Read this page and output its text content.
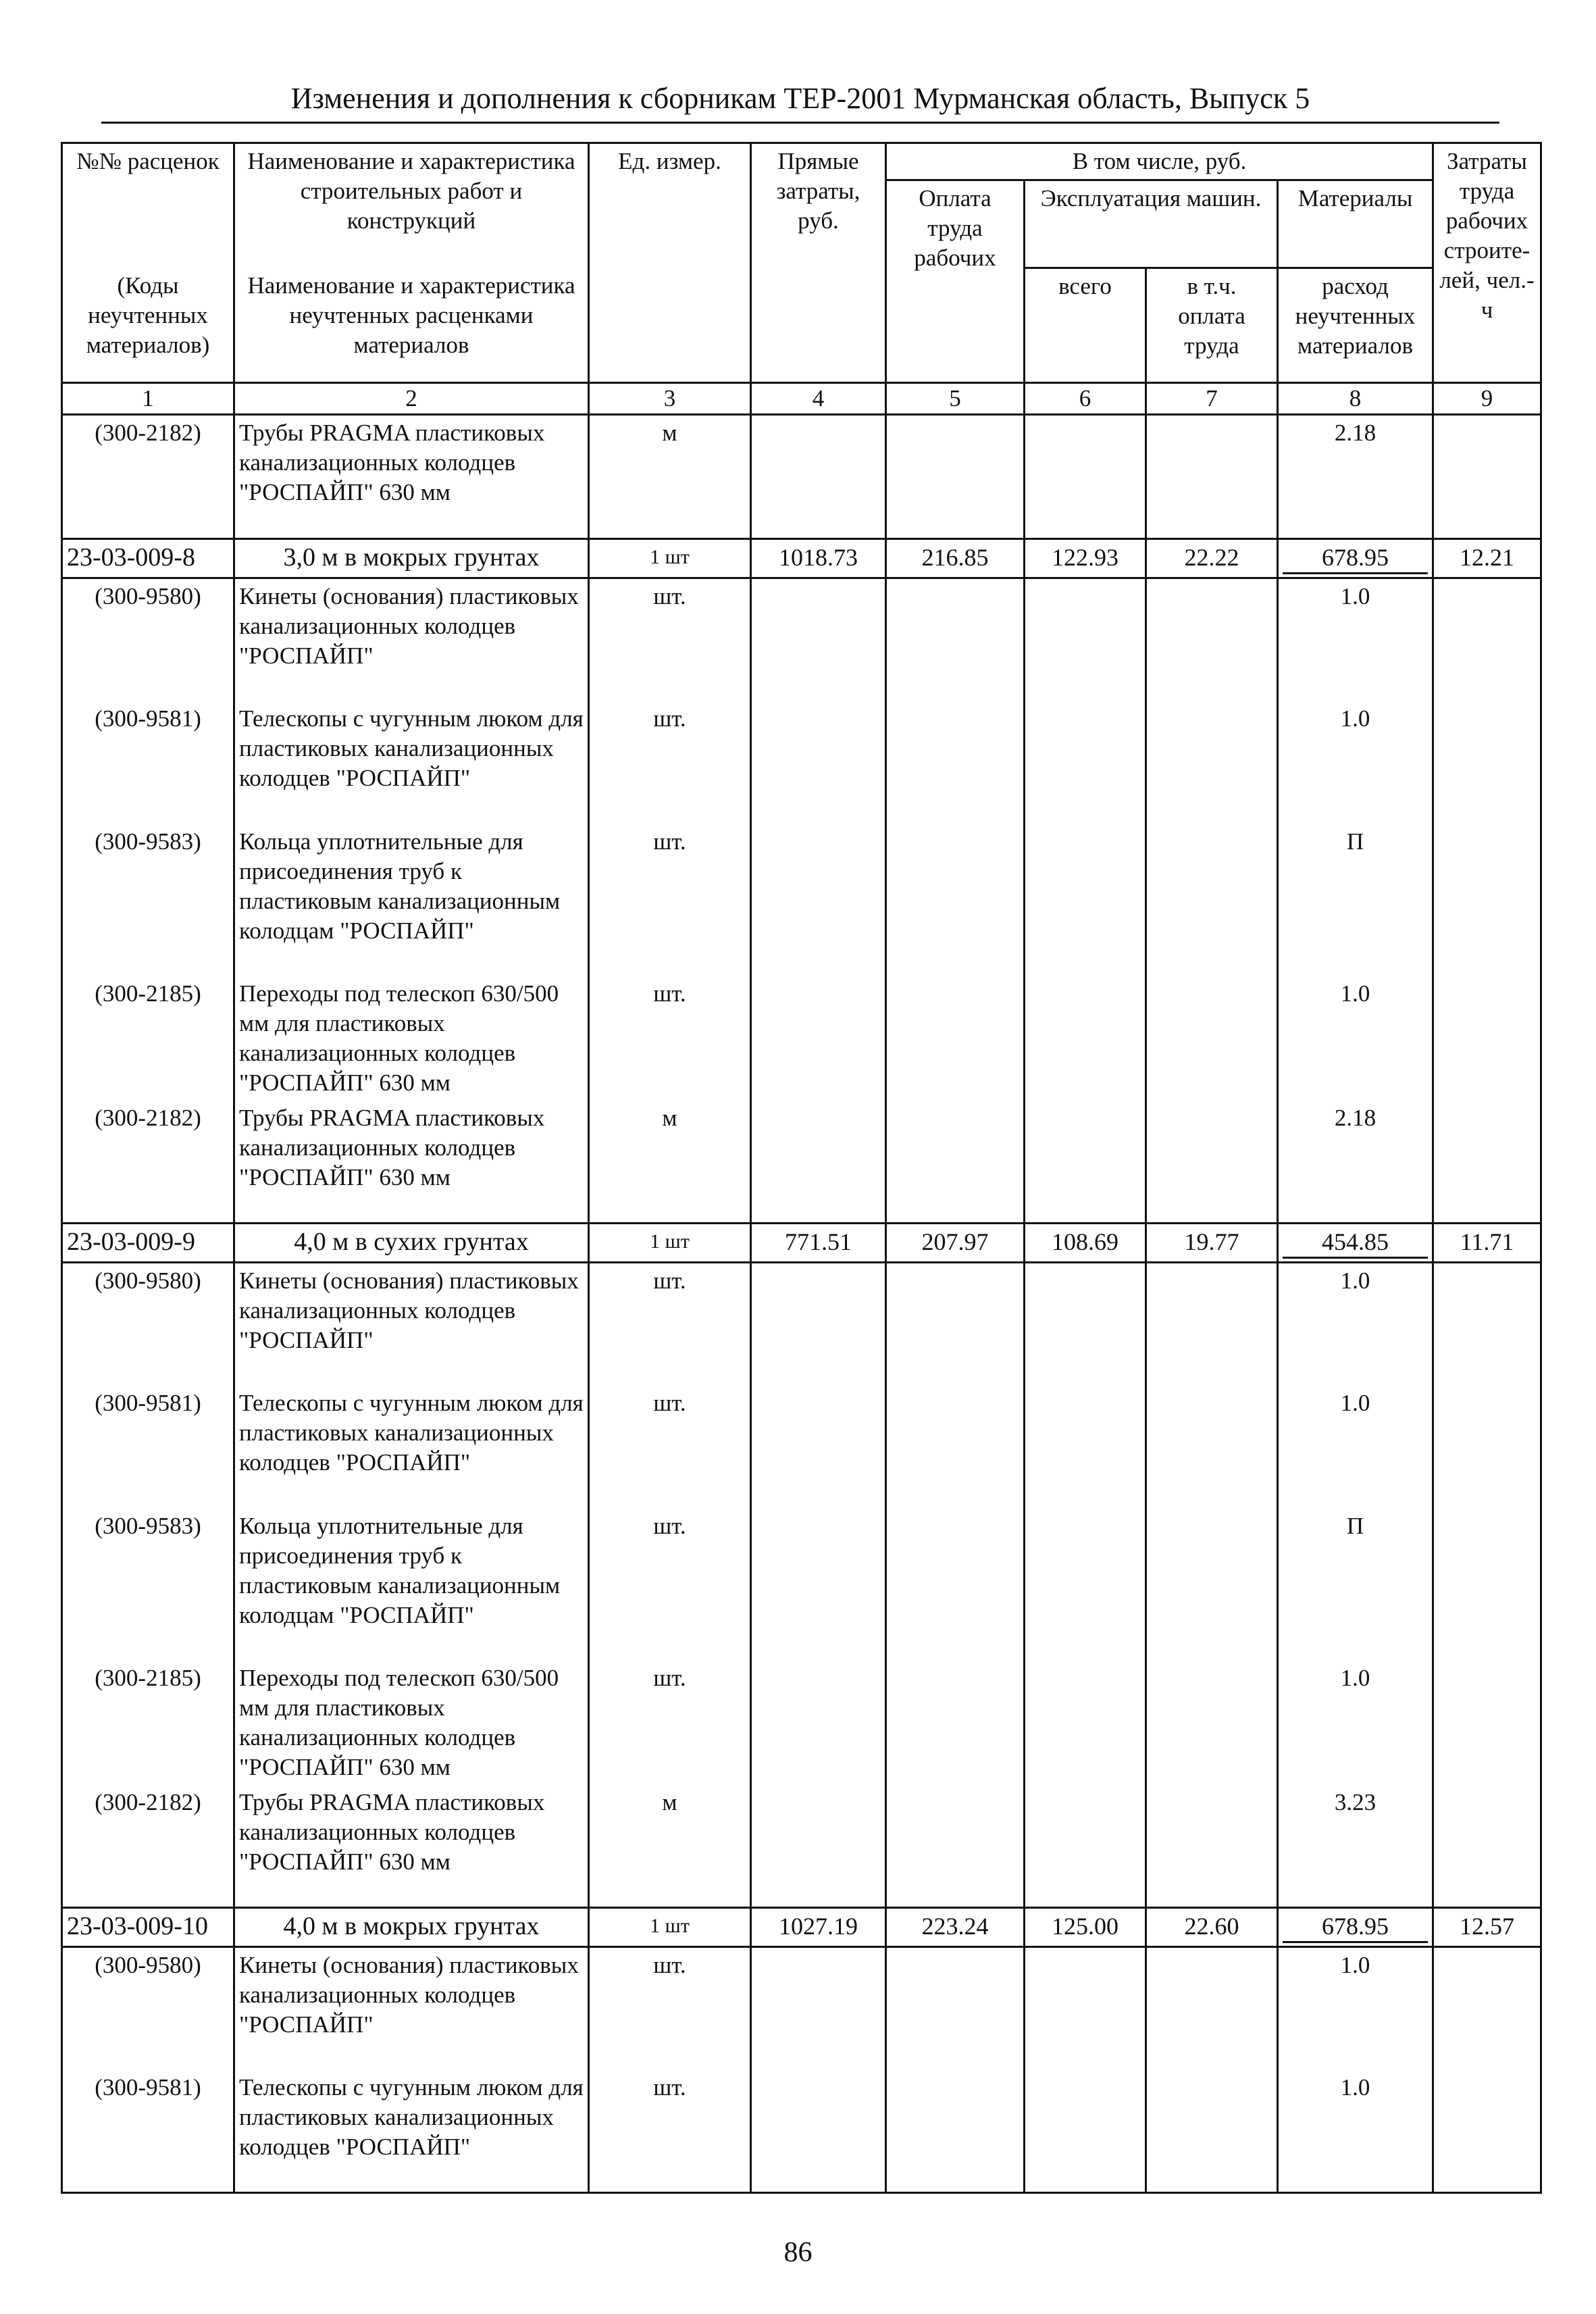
Изменения и дополнения к сборникам ТЕР-2001 Мурманская область, Выпуск 5
№№ расценок	Наименование и характеристика строительных работ и конструкций	Ед. измер.	Прямые затраты, руб.	В том числе, руб.				Затраты труда рабочих строите-лей, чел.-ч
				Оплата труда рабочих	Эксплуатация машин.		Материалы	
(Коды неучтенных материалов)	Наименование и характеристика неучтенных расценками материалов				всего	в т.ч. оплата труда	расход неучтенных материалов	

1	2	3	4	5	6	7	8	9
(300-2182)	Трубы PRAGMA пластиковых канализационных колодцев "РОСПАЙП" 630 мм	м					2.18	
23-03-009-8	3,0 м в мокрых грунтах	1 шт	1018.73	216.85	122.93	22.22	678.95	12.21
(300-9580)	Кинеты (основания) пластиковых канализационных колодцев "РОСПАЙП"	шт.					1.0	
(300-9581)	Телескопы с чугунным люком для пластиковых канализационных колодцев "РОСПАЙП"	шт.					1.0	
(300-9583)	Кольца уплотнительные для присоединения труб к пластиковым канализационным колодцам "РОСПАЙП"	шт.					П	
(300-2185)	Переходы под телескоп 630/500 мм для пластиковых канализационных колодцев "РОСПАЙП" 630 мм	шт.					1.0	
(300-2182)	Трубы PRAGMA пластиковых канализационных колодцев "РОСПАЙП" 630 мм	м					2.18	
23-03-009-9	4,0 м в сухих грунтах	1 шт	771.51	207.97	108.69	19.77	454.85	11.71
(300-9580)	Кинеты (основания) пластиковых канализационных колодцев "РОСПАЙП"	шт.					1.0	
(300-9581)	Телескопы с чугунным люком для пластиковых канализационных колодцев "РОСПАЙП"	шт.					1.0	
(300-9583)	Кольца уплотнительные для присоединения труб к пластиковым канализационным колодцам "РОСПАЙП"	шт.					П	
(300-2185)	Переходы под телескоп 630/500 мм для пластиковых канализационных колодцев "РОСПАЙП" 630 мм	шт.					1.0	
(300-2182)	Трубы PRAGMA пластиковых канализационных колодцев "РОСПАЙП" 630 мм	м					3.23	
23-03-009-10	4,0 м в мокрых грунтах	1 шт	1027.19	223.24	125.00	22.60	678.95	12.57
(300-9580)	Кинеты (основания) пластиковых канализационных колодцев "РОСПАЙП"	шт.					1.0	
(300-9581)	Телескопы с чугунным люком для пластиковых канализационных колодцев "РОСПАЙП"	шт.					1.0	
86
